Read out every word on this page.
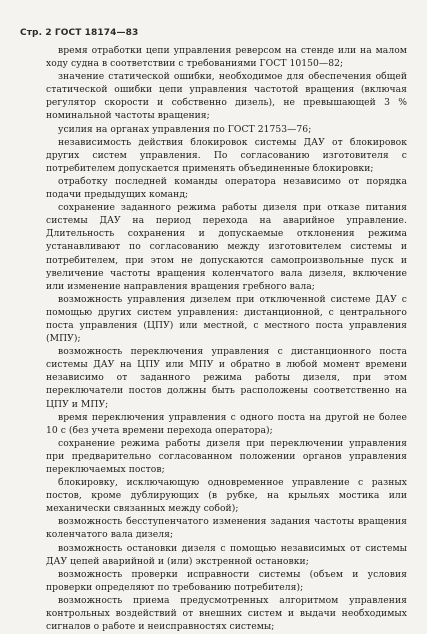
Стр. 2 ГОСТ 18174—83

время отработки цепи управления реверсом на стенде или на малом ходу судна в соответствии с требованиями ГОСТ 10150—82;

значение статической ошибки, необходимое для обеспечения общей статической ошибки цепи управления частотой вращения (включая регулятор скорости и собственно дизель), не превышающей 3 % номинальной частоты вращения;

усилия на органах управления по ГОСТ 21753—76;

независимость действия блокировок системы ДАУ от блокировок других систем управления. По согласованию изготовителя с потребителем допускается применять объединенные блокировки;

отработку последней команды оператора независимо от порядка подачи предыдущих команд;

сохранение заданного режима работы дизеля при отказе питания системы ДАУ на период перехода на аварийное управление. Длительность сохранения и допускаемые отклонения режима устанавливают по согласованию между изготовителем системы и потребителем, при этом не допускаются самопроизвольные пуск и увеличение частоты вращения коленчатого вала дизеля, включение или изменение направления вращения гребного вала;

возможность управления дизелем при отключенной системе ДАУ с помощью других систем управления: дистанционной, с центрального поста управления (ЦПУ) или местной, с местного поста управления (МПУ);

возможность переключения управления с дистанционного поста системы ДАУ на ЦПУ или МПУ и обратно в любой момент времени независимо от заданного режима работы дизеля, при этом переключатели постов должны быть расположены соответственно на ЦПУ и МПУ;

время переключения управления с одного поста на другой не более 10 с (без учета времени перехода оператора);

сохранение режима работы дизеля при переключении управления при предварительно согласованном положении органов управления переключаемых постов;

блокировку, исключающую одновременное управление с разных постов, кроме дублирующих (в рубке, на крыльях мостика или механически связанных между собой);

возможность бесступенчатого изменения задания частоты вращения коленчатого вала дизеля;

возможность остановки дизеля с помощью независимых от системы ДАУ цепей аварийной и (или) экстренной остановки;

возможность проверки исправности системы (объем и условия проверки определяют по требованию потребителя);

возможность приема предусмотренных алгоритмом управления контрольных воздействий от внешних систем и выдачи необходимых сигналов о работе и неисправностях системы;
